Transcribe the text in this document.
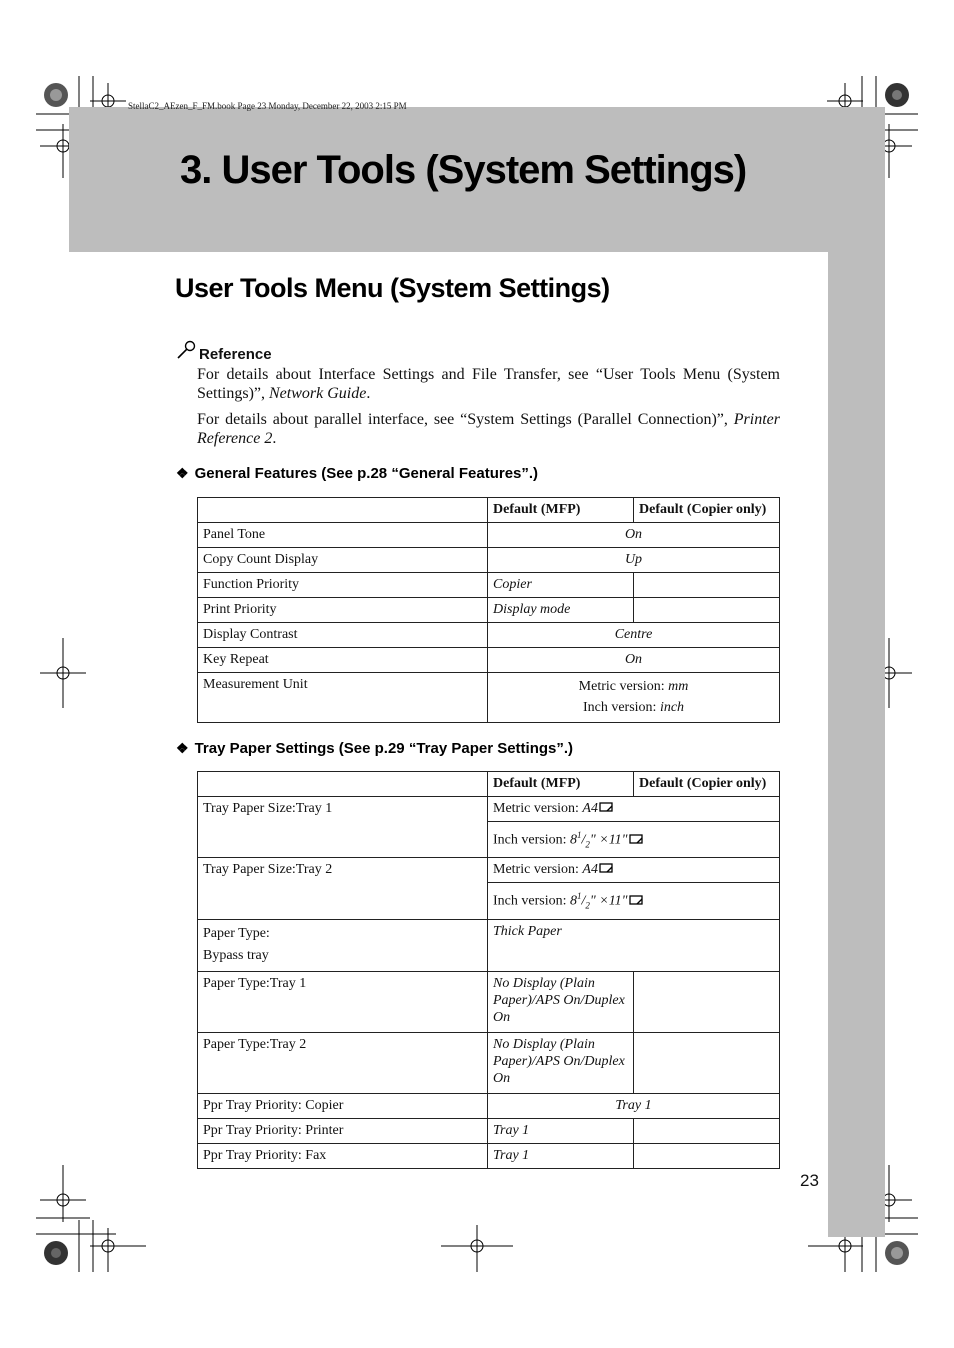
StellaC2_AEzen_F_FM.book Page 23 Monday, December 22, 2003 2:15 PM
3. User Tools (System Settings)
User Tools Menu (System Settings)
Reference

For details about Interface Settings and File Transfer, see “User Tools Menu (System Settings)”, Network Guide.

For details about parallel interface, see “System Settings (Parallel Connection)”, Printer Reference 2.

❖ General Features (See p.28 “General Features”.)
	Default (MFP)	Default (Copier only)
Panel Tone	On	
Copy Count Display	Up	
Function Priority	Copier	
Print Priority	Display mode	
Display Contrast	Centre	
Key Repeat	On	
Measurement Unit	Metric version: mm
Inch version: inch	
❖ Tray Paper Settings (See p.29 “Tray Paper Settings”.)
	Default (MFP)	Default (Copier only)
Tray Paper Size:Tray 1	Metric version: A4	
	Inch version: $8^1/_2$" ×11"	
Tray Paper Size:Tray 2	Metric version: A4	
	Inch version: $8^1/_2$" ×11"	
Paper Type:
Bypass tray	Thick Paper	
Paper Type:Tray 1	No Display (Plain Paper)/APS On/Duplex On	
Paper Type:Tray 2	No Display (Plain Paper)/APS On/Duplex On	
Ppr Tray Priority: Copier	Tray 1	
Ppr Tray Priority: Printer	Tray 1	
Ppr Tray Priority: Fax	Tray 1	
23
